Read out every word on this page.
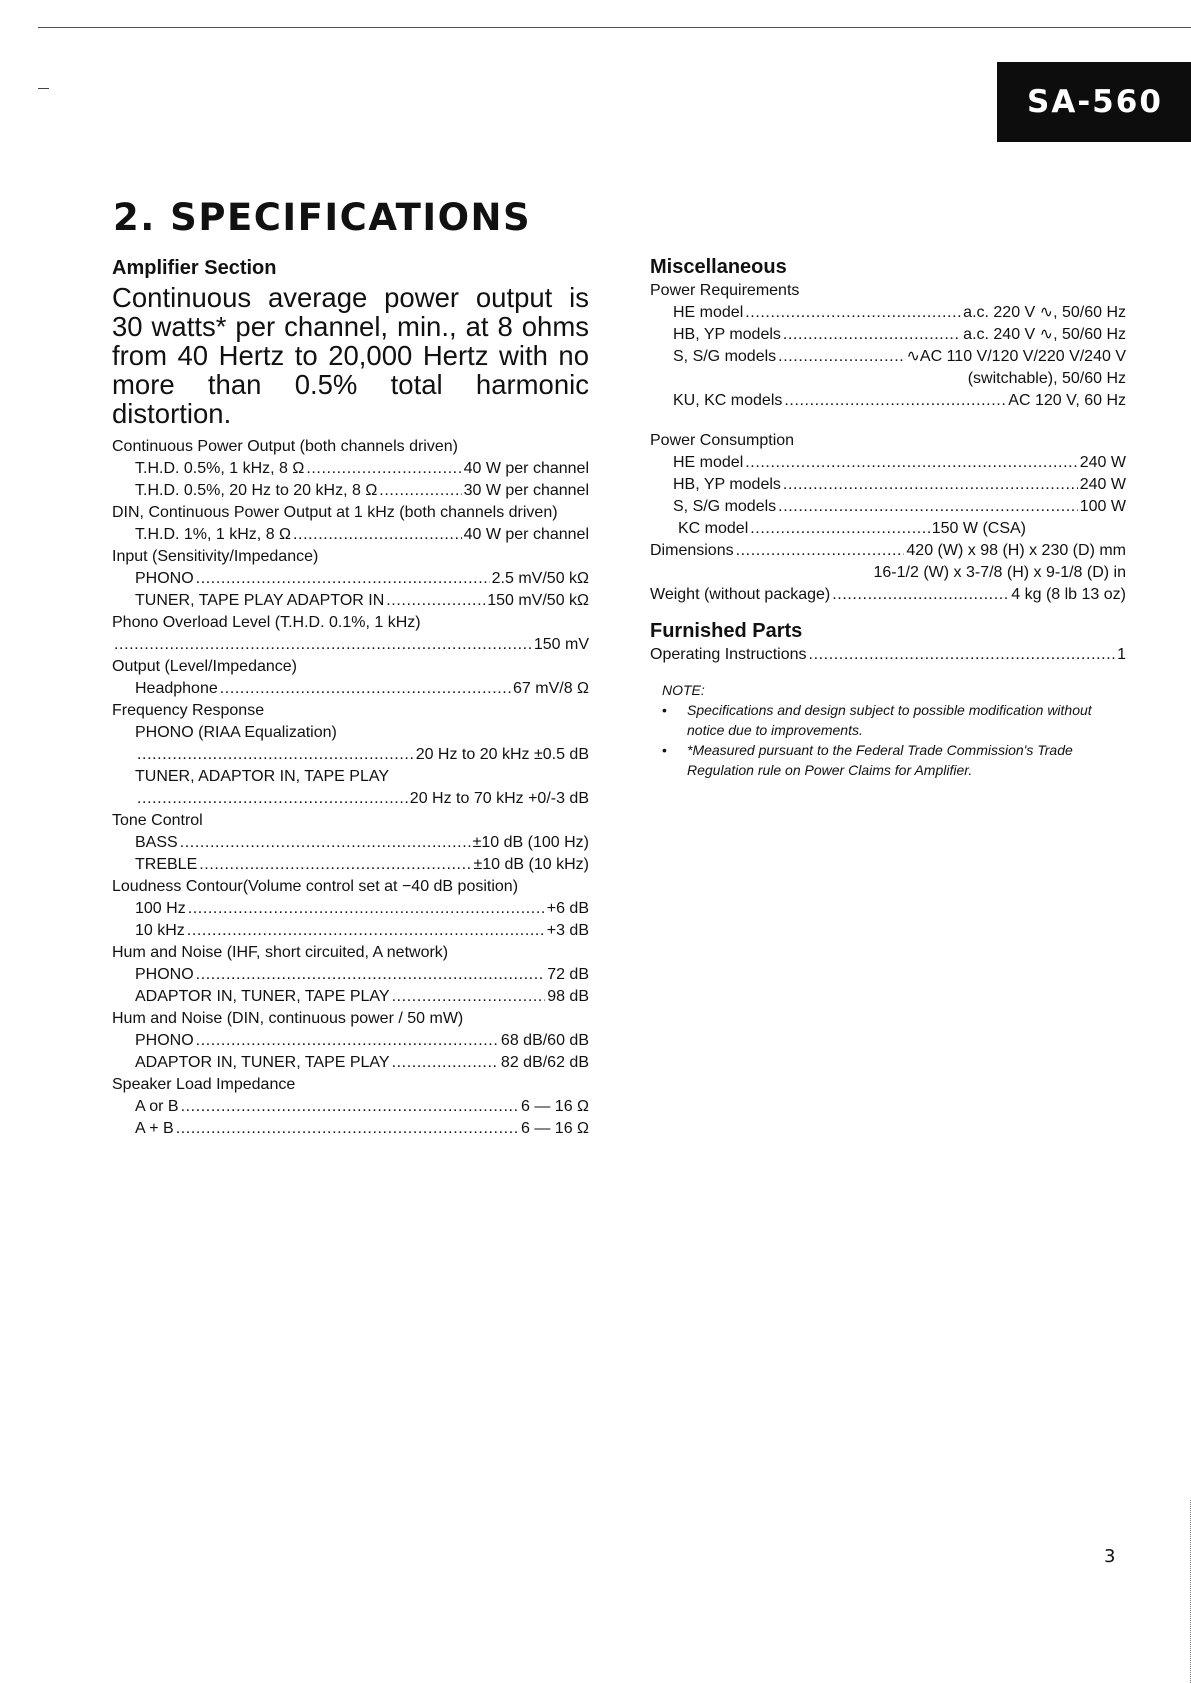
SA-560
2. SPECIFICATIONS
Amplifier Section

Continuous average power output is 30 watts* per channel, min., at 8 ohms from 40 Hertz to 20,000 Hertz with no more than 0.5% total harmonic distortion.

Continuous Power Output (both channels driven)
T.H.D. 0.5%, 1 kHz, 8 Ω .....	40 W per channel
T.H.D. 0.5%, 20 Hz to 20 kHz, 8 Ω .....	30 W per channel
DIN, Continuous Power Output at 1 kHz (both channels driven)
T.H.D. 1%, 1 kHz, 8 Ω .....	40 W per channel
Input (Sensitivity/Impedance)
PHONO .....	2.5 mV/50 kΩ
TUNER, TAPE PLAY ADAPTOR IN .....	150 mV/50 kΩ
Phono Overload Level (T.H.D. 0.1%, 1 kHz)
.....
150 mV
Output (Level/Impedance)
Headphone .....	67 mV/8 Ω
Frequency Response
PHONO (RIAA Equalization)
.....
20 Hz to 20 kHz ±0.5 dB
TUNER, ADAPTOR IN, TAPE PLAY
.....
20 Hz to 70 kHz +0/-3 dB
Tone Control
BASS .....	±10 dB (100 Hz)
TREBLE .....	±10 dB (10 kHz)
Loudness Contour(Volume control set at −40 dB position)
100 Hz .....	+6 dB
10 kHz .....	+3 dB
Hum and Noise (IHF, short circuited, A network)
PHONO .....	72 dB
ADAPTOR IN, TUNER, TAPE PLAY .....	98 dB
Hum and Noise (DIN, continuous power / 50 mW)
PHONO .....	68 dB/60 dB
ADAPTOR IN, TUNER, TAPE PLAY .....	82 dB/62 dB
Speaker Load Impedance
A or B .....	6 — 16 Ω
A + B .....	6 — 16 Ω
Miscellaneous
Power Requirements
HE model .....	a.c. 220 V ∿, 50/60 Hz
HB, YP models .....	a.c. 240 V ∿, 50/60 Hz
S, S/G models .....	∿AC 110 V/120 V/220 V/240 V
(switchable), 50/60 Hz
KU, KC models .....	AC 120 V, 60 Hz
Power Consumption
HE model .....	240 W
HB, YP models .....	240 W
S, S/G models .....	100 W
KC model .....	150 W (CSA)
Dimensions .....	420 (W) x 98 (H) x 230 (D) mm
16-1/2 (W) x 3-7/8 (H) x 9-1/8 (D) in
Weight (without package) .....	4 kg (8 lb 13 oz)
Furnished Parts
Operating Instructions .....	1
NOTE:
• Specifications and design subject to possible modification without notice due to improvements.
• *Measured pursuant to the Federal Trade Commission's Trade Regulation rule on Power Claims for Amplifier.
3
